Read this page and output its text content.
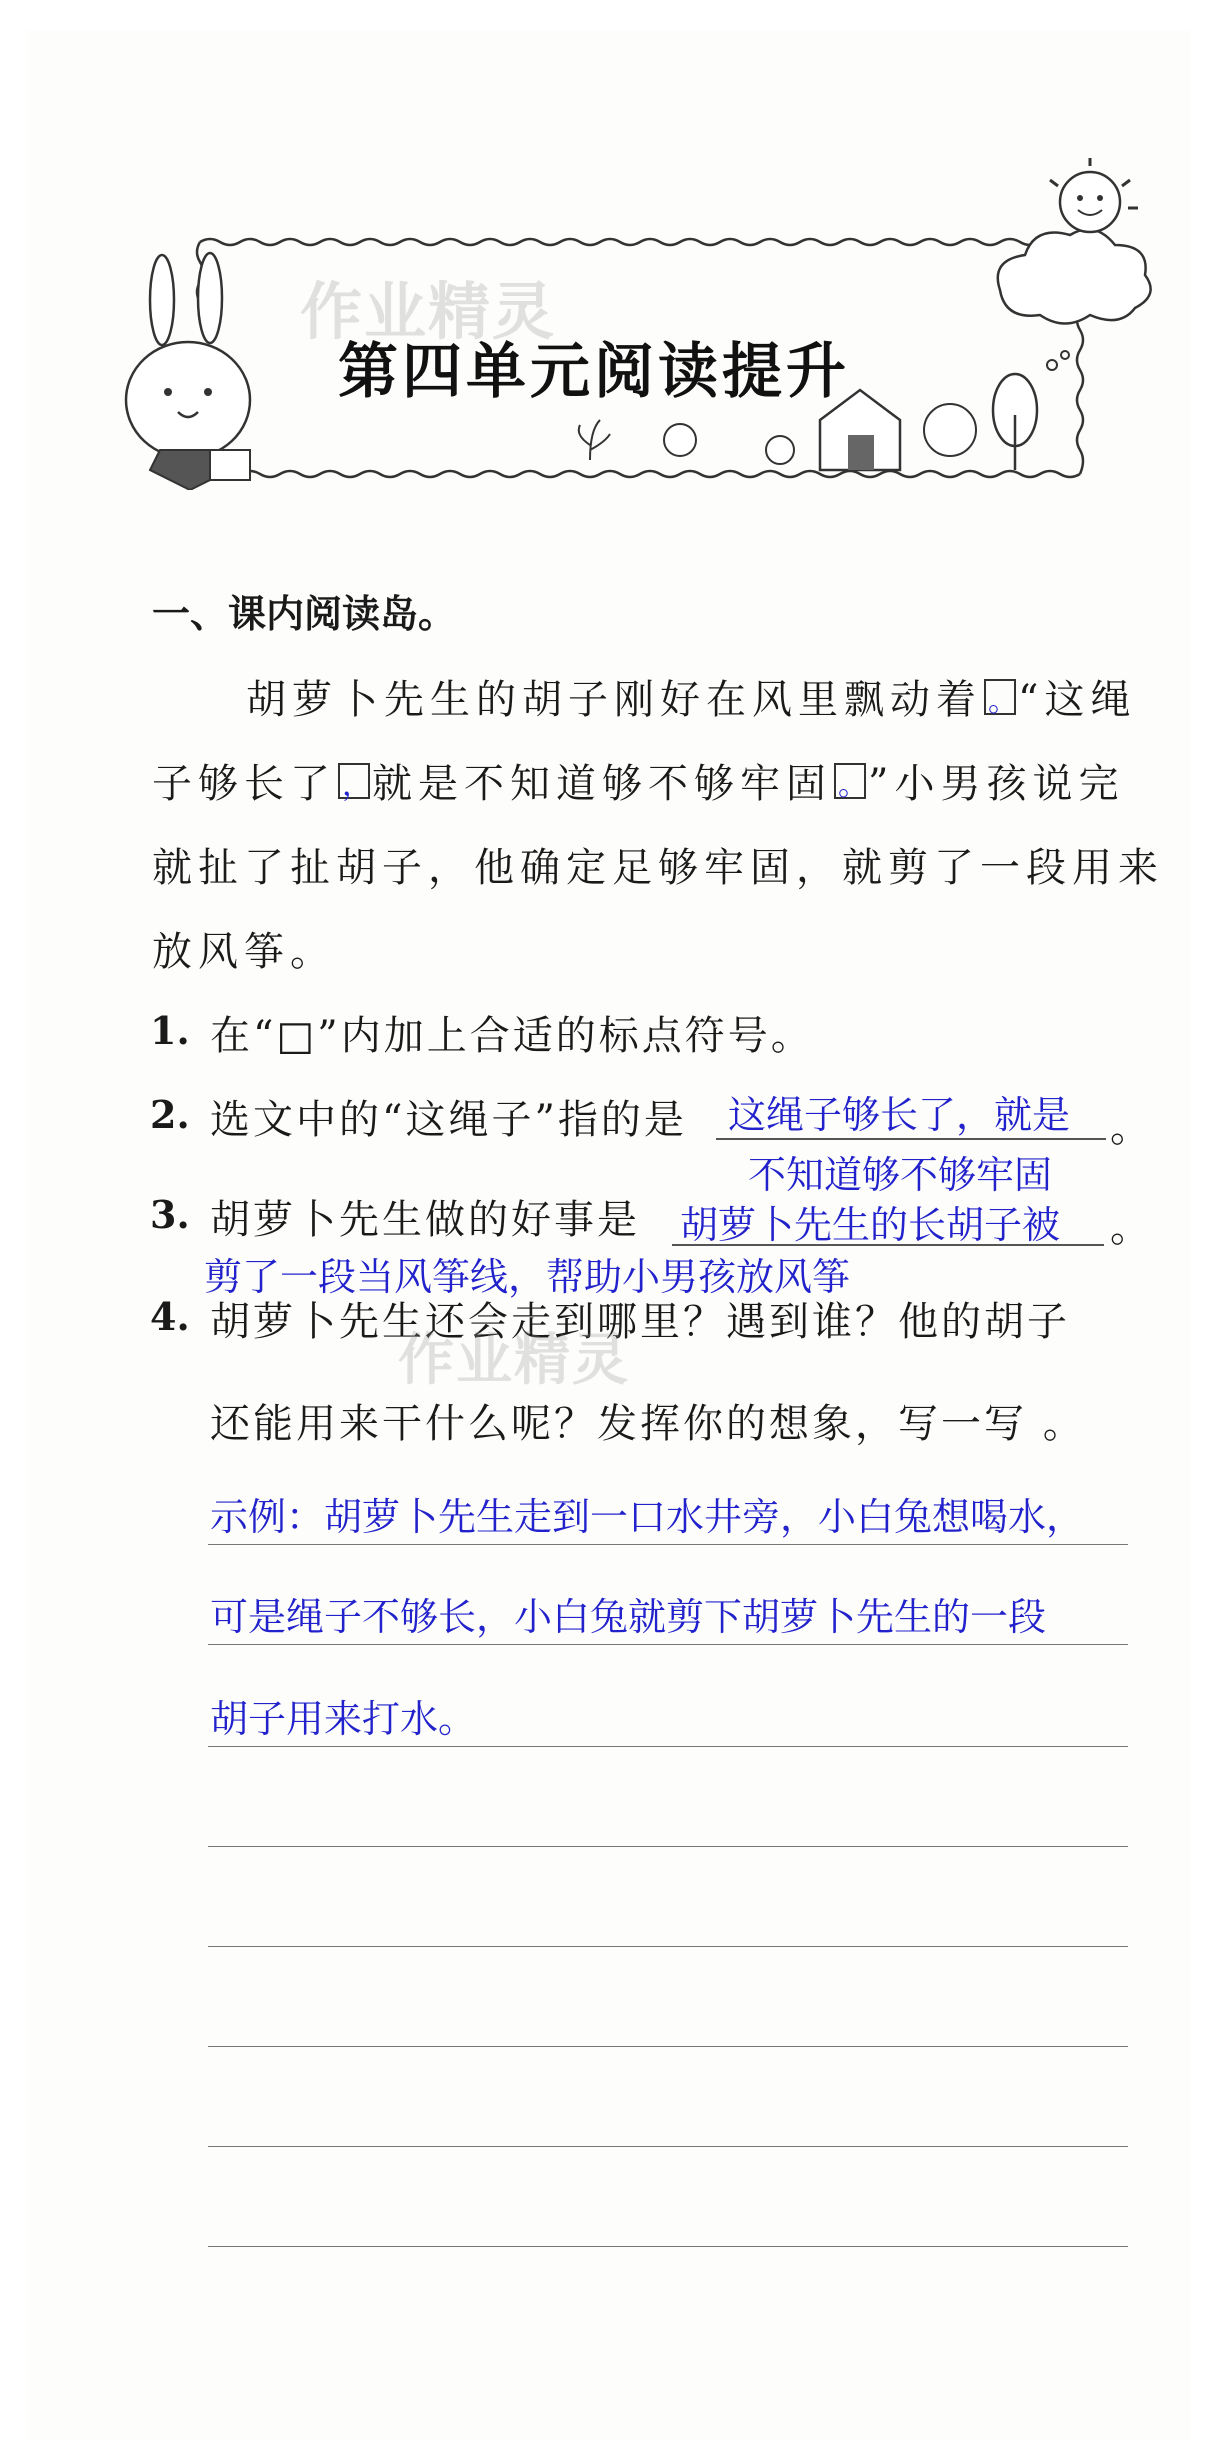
作业精灵
第四单元阅读提升
一、课内阅读岛。
胡萝卜先生的胡子刚好在风里飘动着 。“这绳
子够长了 ，就是不知道够不够牢固 。”小男孩说完
就扯了扯胡子，他确定足够牢固，就剪了一段用来
放风筝。
1. 在“□”内加上合适的标点符号。
2. 选文中的“这绳子”指的是 这绳子够长了，就是 。
不知道够不够牢固
3. 胡萝卜先生做的好事是 胡萝卜先生的长胡子被 。
剪了一段当风筝线，帮助小男孩放风筝
4. 胡萝卜先生还会走到哪里？遇到谁？他的胡子
作业精灵
还能用来干什么呢？发挥你的想象，写一写 。
示例：胡萝卜先生走到一口水井旁，小白兔想喝水，
可是绳子不够长，小白兔就剪下胡萝卜先生的一段
胡子用来打水。
